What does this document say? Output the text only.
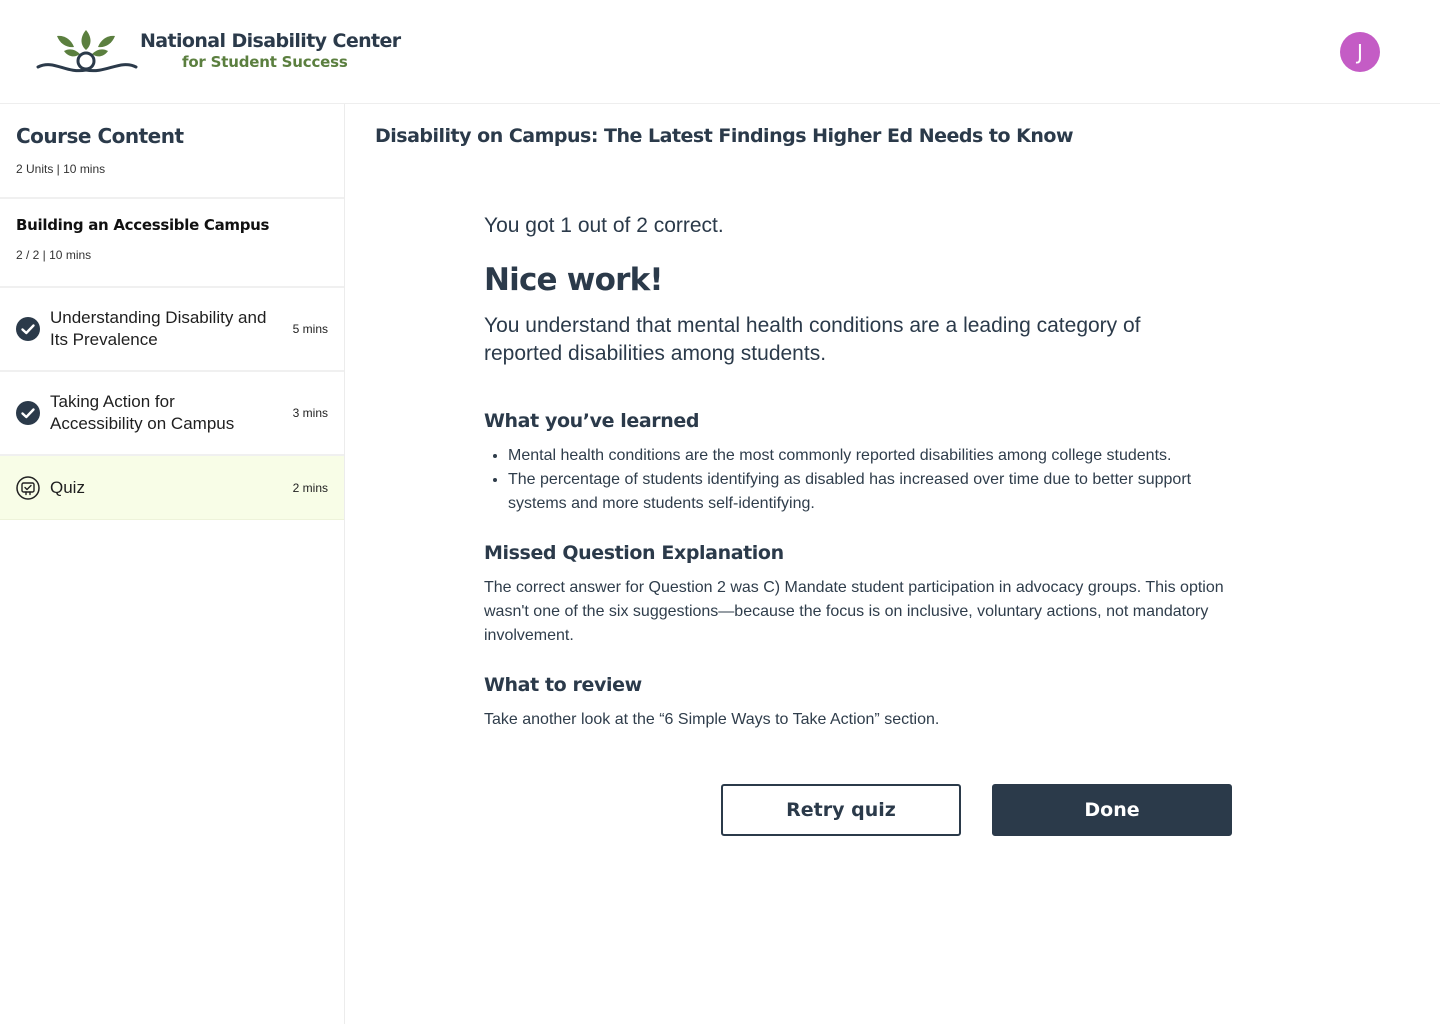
National Disability Center
for Student Success	J
Course Content
2 Units | 10 mins
Building an Accessible Campus
2 / 2 | 10 mins
Understanding Disability and Its Prevalence
5 mins
Taking Action for Accessibility on Campus
3 mins
Quiz	2 mins
Disability on Campus: The Latest Findings Higher Ed Needs to Know
You got 1 out of 2 correct.
Nice work!
You understand that mental health conditions are a leading category of reported disabilities among students.
What you’ve learned
• Mental health conditions are the most commonly reported disabilities among college students.
• The percentage of students identifying as disabled has increased over time due to better support systems and more students self-identifying.
Missed Question Explanation
The correct answer for Question 2 was C) Mandate student participation in advocacy groups. This option wasn't one of the six suggestions—because the focus is on inclusive, voluntary actions, not mandatory involvement.
What to review
Take another look at the “6 Simple Ways to Take Action” section.
Retry quiz	Done
